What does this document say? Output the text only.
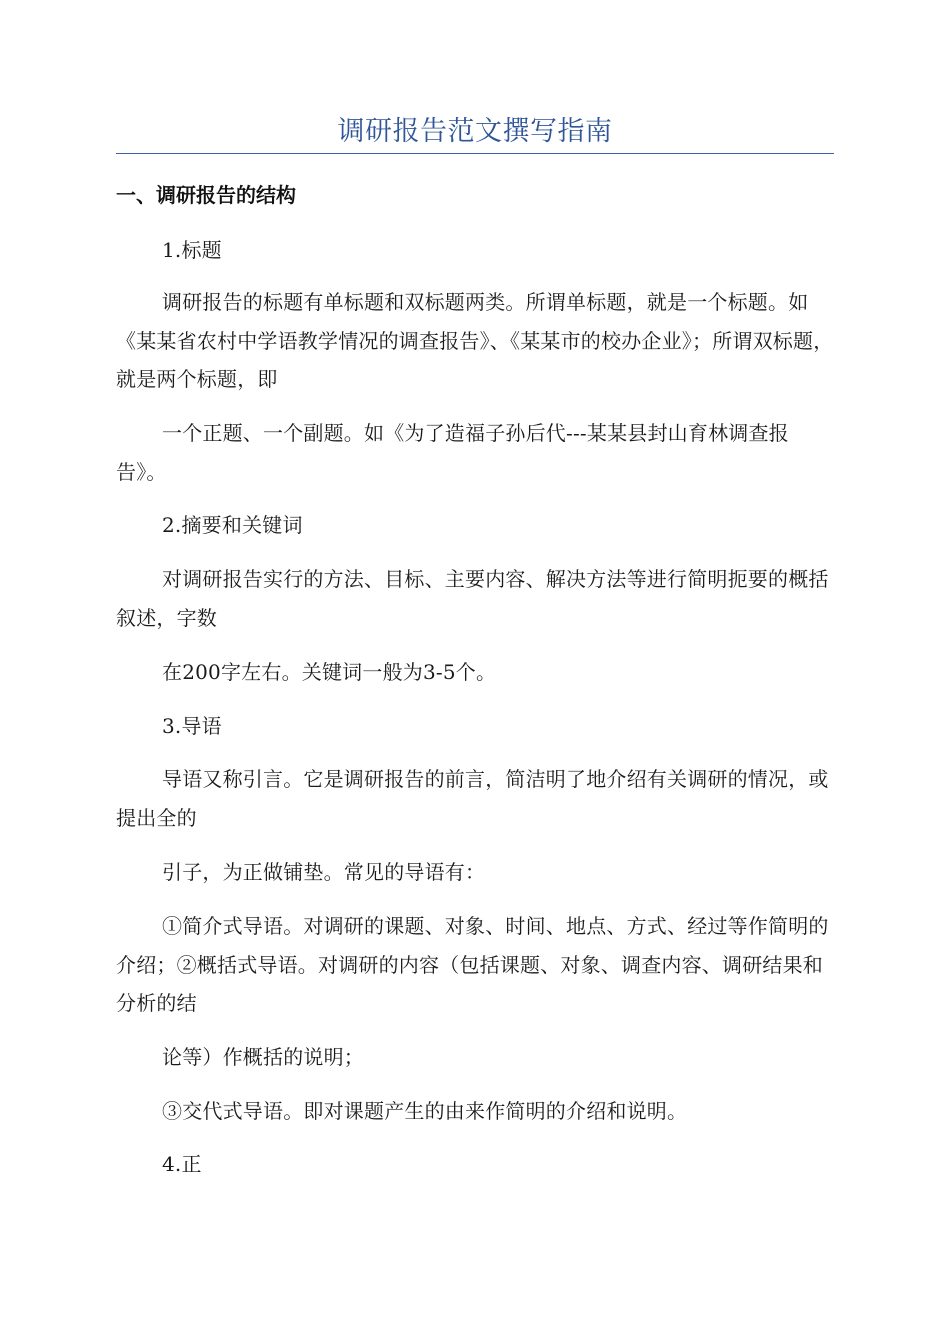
调研报告范文撰写指南
一、调研报告的结构

1.标题

调研报告的标题有单标题和双标题两类。所谓单标题，就是一个标题。如《某某省农村中学语教学情况的调查报告》、《某某市的校办企业》；所谓双标题，就是两个标题，即

一个正题、一个副题。如《为了造福子孙后代---某某县封山育林调查报告》。

2.摘要和关键词

对调研报告实行的方法、目标、主要内容、解决方法等进行简明扼要的概括叙述，字数

在200字左右。关键词一般为3-5个。

3.导语

导语又称引言。它是调研报告的前言，简洁明了地介绍有关调研的情况，或提出全的

引子，为正做铺垫。常见的导语有：

①简介式导语。对调研的课题、对象、时间、地点、方式、经过等作简明的介绍；②概括式导语。对调研的内容（包括课题、对象、调查内容、调研结果和分析的结

论等）作概括的说明；

③交代式导语。即对课题产生的由来作简明的介绍和说明。

4.正
